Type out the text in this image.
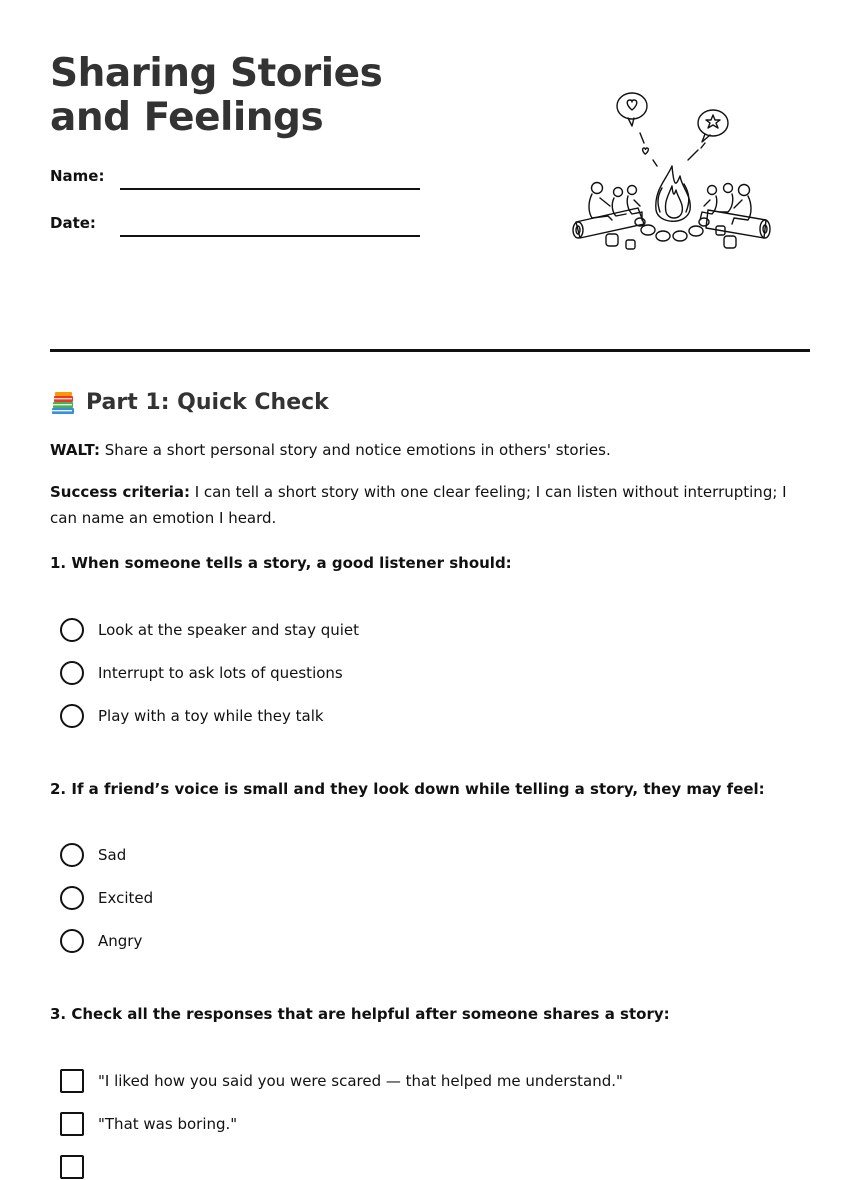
Sharing Stories and Feelings
Name:
Date:
Part 1: Quick Check

WALT: Share a short personal story and notice emotions in others' stories.

Success criteria: I can tell a short story with one clear feeling; I can listen without interrupting; I can name an emotion I heard.

1. When someone tells a story, a good listener should:

Look at the speaker and stay quiet
Interrupt to ask lots of questions
Play with a toy while they talk

2. If a friend’s voice is small and they look down while telling a story, they may feel:

Sad
Excited
Angry

3. Check all the responses that are helpful after someone shares a story:

"I liked how you said you were scared — that helped me understand."
"That was boring."
